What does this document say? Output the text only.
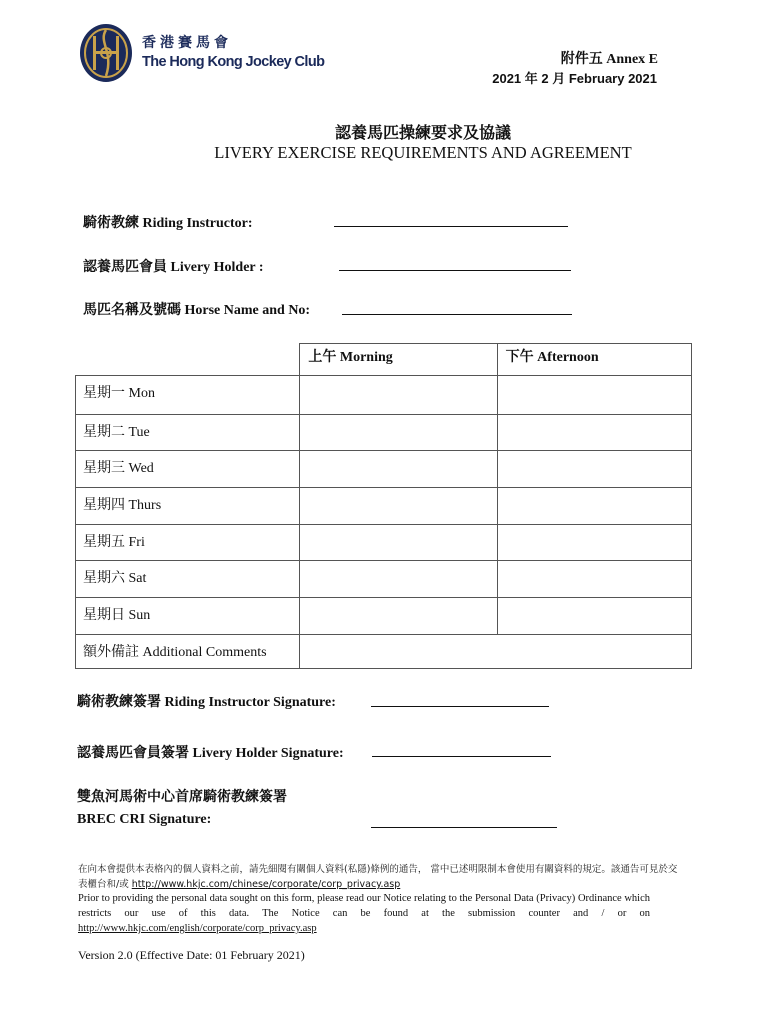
香港賽馬會
The Hong Kong Jockey Club	附件五 Annex E
2021 年 2 月 February 2021
認養馬匹操練要求及協議
LIVERY EXERCISE REQUIREMENTS AND AGREEMENT
騎術教練 Riding Instructor:
認養馬匹會員 Livery Holder :
馬匹名稱及號碼 Horse Name and No:

	上午 Morning	下午 Afternoon

星期一 Mon		

星期二 Tue		

星期三 Wed		

星期四 Thurs		

星期五 Fri		

星期六 Sat		

星期日 Sun		

額外備註 Additional Comments		

騎術教練簽署 Riding Instructor Signature:
認養馬匹會員簽署 Livery Holder Signature:
雙魚河馬術中心首席騎術教練簽署
BREC CRI Signature:
在向本會提供本表格內的個人資料之前，請先細閱有關個人資料(私隱)條例的通告， 當中已述明限制本會使用有關資料的規定。該通告可見於交表櫃台和/或 http://www.hkjc.com/chinese/corporate/corp_privacy.asp
Prior to providing the personal data sought on this form, please read our Notice relating to the Personal Data (Privacy) Ordinance which restricts our use of this data. The Notice can be found at the submission counter and / or on http://www.hkjc.com/english/corporate/corp_privacy.asp
Version 2.0 (Effective Date: 01 February 2021)
